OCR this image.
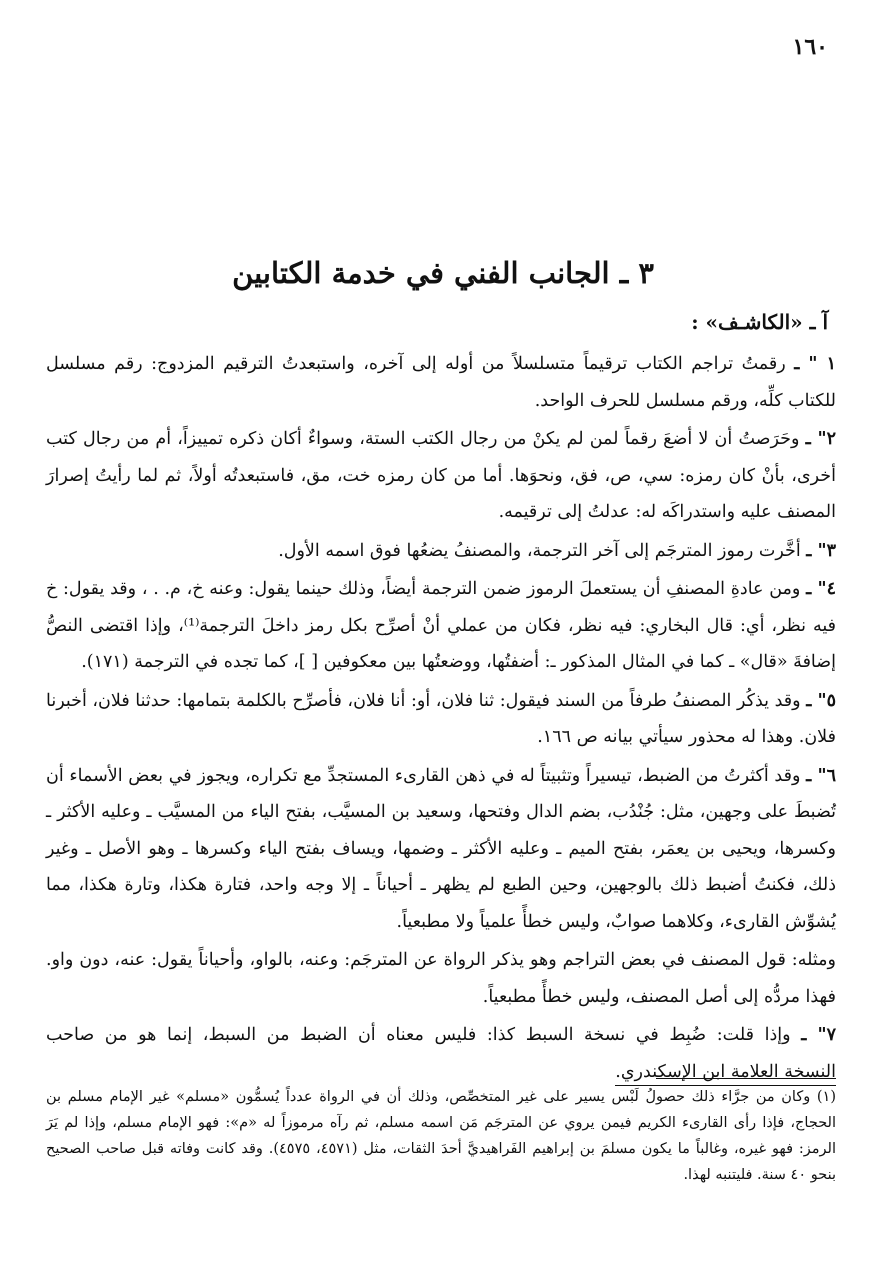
١٦٠
٣ ـ الجانب الفني في خدمة الكتابين
آ ـ «الكاشـف» :

١ " ـ رقمتُ تراجم الكتاب ترقيماً متسلسلاً من أوله إلى آخره، واستبعدتُ الترقيم المزدوج: رقم مسلسل للكتاب كلِّه، ورقم مسلسل للحرف الواحد.

٢" ـ وحَرَصتُ أن لا أضعَ رقماً لمن لم يكنْ من رجال الكتب الستة، وسواءٌ أكان ذكره تمييزاً، أم من رجال كتب أخرى، بأنْ كان رمزه: سي، ص، فق، ونحوَها. أما من كان رمزه خت، مق، فاستبعدتُه أولاً، ثم لما رأيتُ إصرارَ المصنف عليه واستدراكَه له: عدلتُ إلى ترقيمه.

٣" ـ أخَّرت رموز المترجَم إلى آخر الترجمة، والمصنفُ يضعُها فوق اسمه الأول.

٤" ـ ومن عادةِ المصنفِ أن يستعملَ الرموز ضمن الترجمة أيضاً، وذلك حينما يقول: وعنه خ، م. . ، وقد يقول: خ فيه نظر، أي: قال البخاري: فيه نظر، فكان من عملي أنْ أصرِّح بكل رمز داخلَ الترجمة⁽¹⁾، وإذا اقتضى النصُّ إضافةَ «قال» ـ كما في المثال المذكور ـ: أضفتُها، ووضعتُها بين معكوفين [ ]، كما تجده في الترجمة (١٧١).

٥" ـ وقد يذكُر المصنفُ طرفاً من السند فيقول: ثنا فلان، أو: أنا فلان، فأصرِّح بالكلمة بتمامها: حدثنا فلان، أخبرنا فلان. وهذا له محذور سيأتي بيانه ص ١٦٦.

٦" ـ وقد أكثرتُ من الضبط، تيسيراً وتثبيتاً له في ذهن القارىء المستجدِّ مع تكراره، ويجوز في بعض الأسماء أن تُضبطَ على وجهين، مثل: جُنْدُب، بضم الدال وفتحها، وسعيد بن المسيَّب، بفتح الياء من المسيَّب ـ وعليه الأكثر ـ وكسرها، ويحيى بن يعمَر، بفتح الميم ـ وعليه الأكثر ـ وضمها، ويساف بفتح الياء وكسرها ـ وهو الأصل ـ وغير ذلك، فكنتُ أضبط ذلك بالوجهين، وحين الطبع لم يظهر ـ أحياناً ـ إلا وجه واحد، فتارة هكذا، وتارة هكذا، مما يُشوِّش القارىء، وكلاهما صوابٌ، وليس خطأً علمياً ولا مطبعياً.

ومثله: قول المصنف في بعض التراجم وهو يذكر الرواة عن المترجَم: وعنه، بالواو، وأحياناً يقول: عنه، دون واو. فهذا مردُّه إلى أصل المصنف، وليس خطأً مطبعياً.

٧" ـ وإذا قلت: ضُبِط في نسخة السبط كذا: فليس معناه أن الضبط من السبط، إنما هو من صاحب النسخة العلامة ابن الإسكندري.

(١) وكان من جرَّاء ذلك حصولُ لَبْس يسير على غير المتخصِّص، وذلك أن في الرواة عدداً يُسمُّون «مسلم» غير الإمام مسلم بن الحجاج، فإذا رأى القارىء الكريم فيمن يروي عن المترجَم مَن اسمه مسلم، ثم رآه مرموزاً له «م»: فهو الإمام مسلم، وإذا لم يَرَ الرمز: فهو غيره، وغالباً ما يكون مسلمَ بن إبراهيم الفَراهيديَّ أحدَ الثقات، مثل (٤٥٧١، ٤٥٧٥). وقد كانت وفاته قبل صاحب الصحيح بنحو ٤٠ سنة. فليتنبه لهذا.
